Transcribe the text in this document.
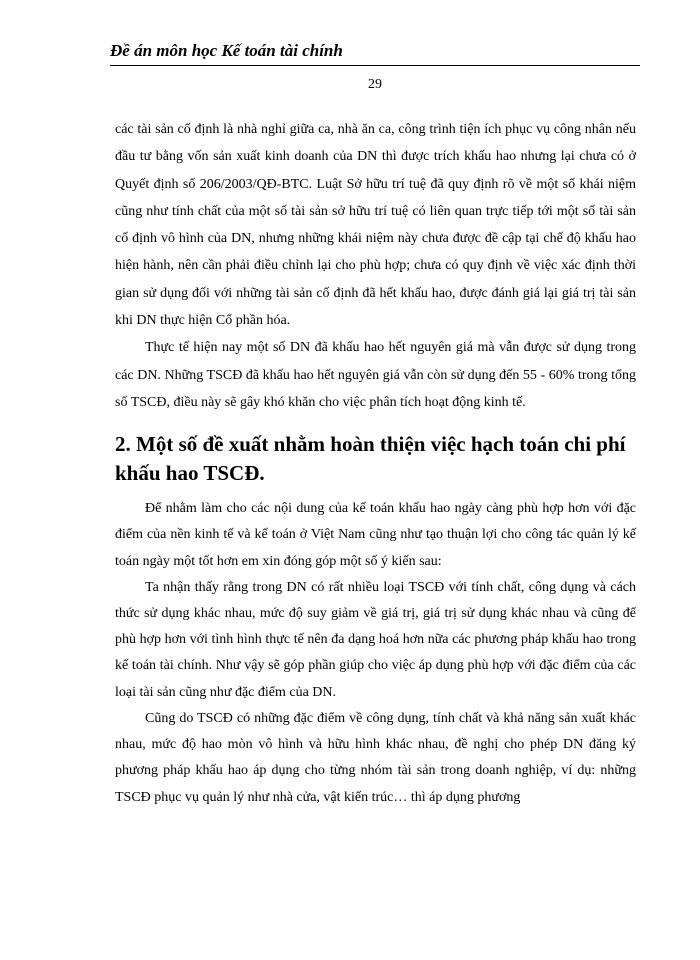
Đề án môn học Kế toán tài chính

29

các tài sản cố định là nhà nghỉ giữa ca, nhà ăn ca, công trình tiện ích phục vụ công nhân nếu đầu tư bằng vốn sản xuất kinh doanh của DN thì được trích khấu hao nhưng lại chưa có ở Quyết định số 206/2003/QĐ-BTC. Luật Sở hữu trí tuệ đã quy định rõ về một số khái niệm cũng như tính chất của một số tài sản sở hữu trí tuệ có liên quan trực tiếp tới một số tài sản cố định vô hình của DN, nhưng những khái niệm này chưa được đề cập tại chế độ khấu hao hiện hành, nên cần phải điều chỉnh lại cho phù hợp; chưa có quy định về việc xác định thời gian sử dụng đối với những tài sản cố định đã hết khấu hao, được đánh giá lại giá trị tài sản khi DN thực hiện Cổ phần hóa.

Thực tế hiện nay một số DN đã khấu hao hết nguyên giá mà vẫn được sử dụng trong các DN. Những TSCĐ đã khấu hao hết nguyên giá vẫn còn sử dụng đến 55 - 60% trong tổng số TSCĐ, điều này sẽ gây khó khăn cho việc phân tích hoạt động kinh tế.

2. Một số đề xuất nhằm hoàn thiện việc hạch toán chi phí khấu hao TSCĐ.

Để nhằm làm cho các nội dung của kế toán khấu hao ngày càng phù hợp hơn với đặc điểm của nền kinh tế và kế toán ở Việt Nam cũng như tạo thuận lợi cho công tác quản lý kế toán ngày một tốt hơn em xin đóng góp một số ý kiến sau:

Ta nhận thấy rằng trong DN có rất nhiều loại TSCĐ với tính chất, công dụng và cách thức sử dụng khác nhau, mức độ suy giảm về giá trị, giá trị sử dụng khác nhau và cũng để phù hợp hơn với tình hình thực tế nên đa dạng hoá hơn nữa các phương pháp khấu hao trong kế toán tài chính. Như vậy sẽ góp phần giúp cho việc áp dụng phù hợp với đặc điểm của các loại tài sản cũng như đặc điểm của DN.

Cũng do TSCĐ có những đặc điểm về công dụng, tính chất và khả năng sản xuất khác nhau, mức độ hao mòn vô hình và hữu hình khác nhau, đề nghị cho phép DN đăng ký phương pháp khấu hao áp dụng cho từng nhóm tài sản trong doanh nghiệp, ví dụ: những TSCĐ phục vụ quản lý như nhà cửa, vật kiến trúc… thì áp dụng phương
